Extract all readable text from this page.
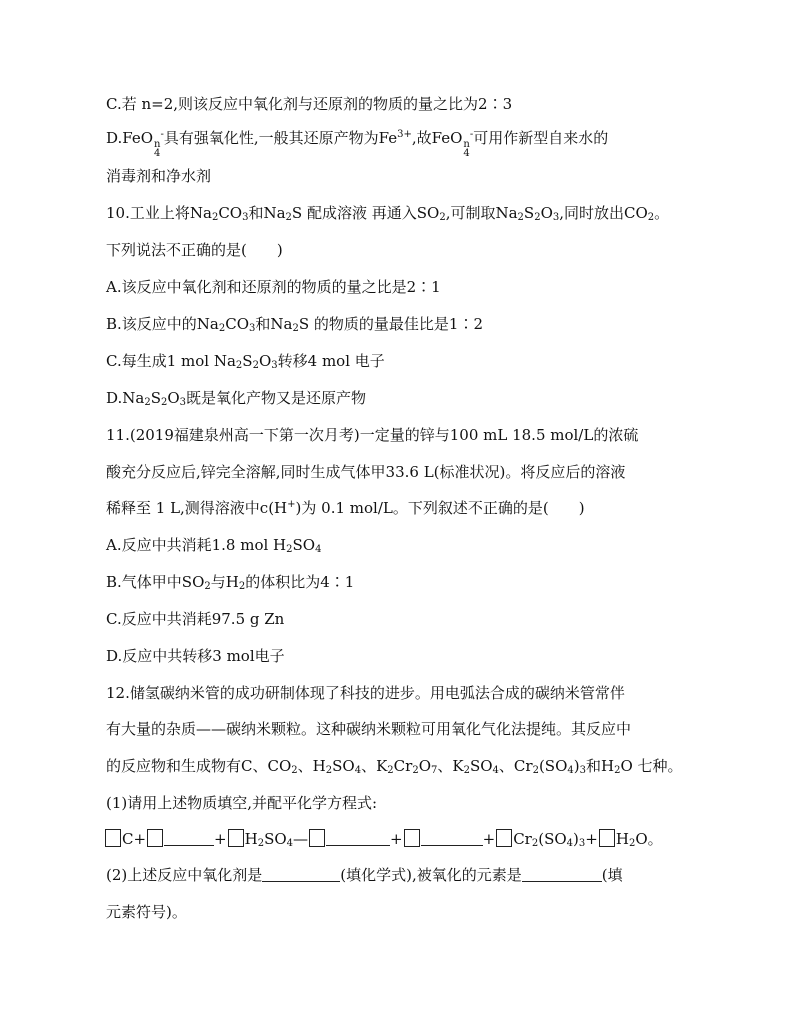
C.若 n=2,则该反应中氧化剂与还原剂的物质的量之比为2∶3
D.FeO n
4
-具有强氧化性,一般其还原产物为$Fe^{3+}$,故FeO n
4
-可用作新型自来水的
消毒剂和净水剂
10.工业上将$Na_2CO_3$和$Na_2S$ 配成溶液 再通入$SO_2$,可制取$Na_2S_2O_3$,同时放出$CO_2$。
下列说法不正确的是(　　)
A.该反应中氧化剂和还原剂的物质的量之比是2∶1
B.该反应中的$Na_2CO_3$和$Na_2S$ 的物质的量最佳比是1∶2
C.每生成1 mol $Na_2S_2O_3$转移4 mol 电子
$D.Na_2S_2O_3$既是氧化产物又是还原产物
11.(2019福建泉州高一下第一次月考)一定量的锌与100 mL 18.5 mol/L的浓硫
酸充分反应后,锌完全溶解,同时生成气体甲33.6 L(标准状况)。将反应后的溶液
稀释至 1 L,测得溶液中c(H+)为 0.1 mol/L。下列叙述不正确的是(　　)
A.反应中共消耗1.8 mol $H_2SO_4$
B.气体甲中$SO_2$与$H_2$的体积比为4∶1
C.反应中共消耗97.5 g Zn
D.反应中共转移3 mol电子
12.储氢碳纳米管的成功研制体现了科技的进步。用电弧法合成的碳纳米管常伴
有大量的杂质——碳纳米颗粒。这种碳纳米颗粒可用氧化气化法提纯。其反应中
的反应物和生成物有C、$CO_2$、$H_2SO_4$、$K_2Cr_2O_7$、$K_2SO_4$、$Cr_2(SO_4)_3$和$H_2O$ 七种。
(1)请用上述物质填空,并配平化学方程式:
C+	+ $H_2SO_4—$	+	+ $Cr_2(SO_4)_3+ H_2O$。
(2)上述反应中氧化剂是	(填化学式),被氧化的元素是	(填
元素符号)。
